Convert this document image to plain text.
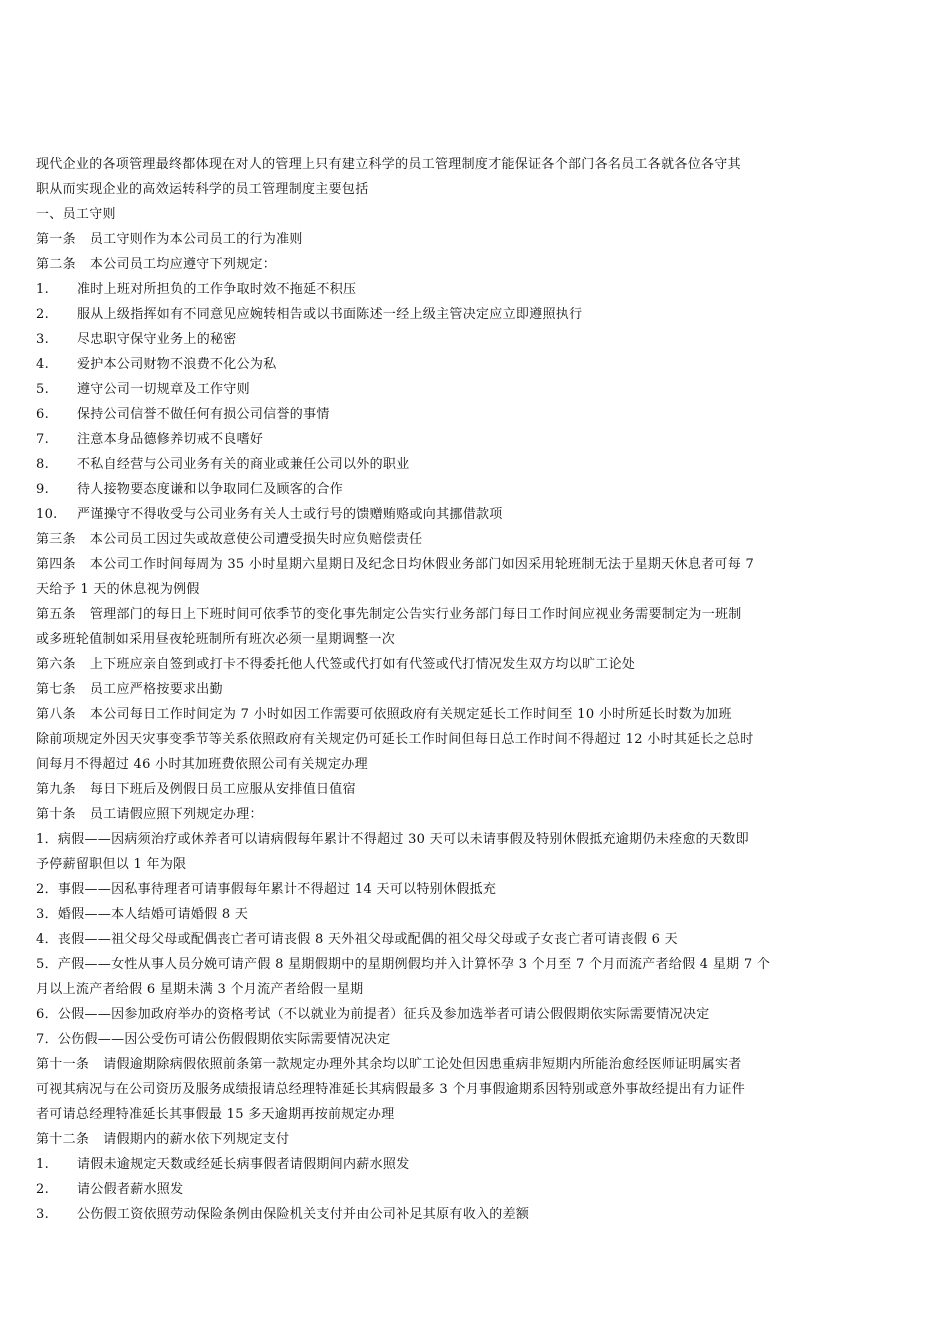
现代企业的各项管理最终都体现在对人的管理上只有建立科学的员工管理制度才能保证各个部门各名员工各就各位各守其
职从而实现企业的高效运转科学的员工管理制度主要包括
一、员工守则
第一条 员工守则作为本公司员工的行为准则
第二条 本公司员工均应遵守下列规定：
1. 准时上班对所担负的工作争取时效不拖延不积压
2. 服从上级指挥如有不同意见应婉转相告或以书面陈述一经上级主管决定应立即遵照执行
3. 尽忠职守保守业务上的秘密
4. 爱护本公司财物不浪费不化公为私
5. 遵守公司一切规章及工作守则
6. 保持公司信誉不做任何有损公司信誉的事情
7. 注意本身品德修养切戒不良嗜好
8. 不私自经营与公司业务有关的商业或兼任公司以外的职业
9. 待人接物要态度谦和以争取同仁及顾客的合作
10. 严谨操守不得收受与公司业务有关人士或行号的馈赠贿赂或向其挪借款项
第三条 本公司员工因过失或故意使公司遭受损失时应负赔偿责任
第四条 本公司工作时间每周为 35 小时星期六星期日及纪念日均休假业务部门如因采用轮班制无法于星期天休息者可每 7
天给予 1 天的休息视为例假
第五条 管理部门的每日上下班时间可依季节的变化事先制定公告实行业务部门每日工作时间应视业务需要制定为一班制
或多班轮值制如采用昼夜轮班制所有班次必须一星期调整一次
第六条 上下班应亲自签到或打卡不得委托他人代签或代打如有代签或代打情况发生双方均以旷工论处
第七条 员工应严格按要求出勤
第八条 本公司每日工作时间定为 7 小时如因工作需要可依照政府有关规定延长工作时间至 10 小时所延长时数为加班
除前项规定外因天灾事变季节等关系依照政府有关规定仍可延长工作时间但每日总工作时间不得超过 12 小时其延长之总时
间每月不得超过 46 小时其加班费依照公司有关规定办理
第九条 每日下班后及例假日员工应服从安排值日值宿
第十条 员工请假应照下列规定办理：
1．病假——因病须治疗或休养者可以请病假每年累计不得超过 30 天可以未请事假及特别休假抵充逾期仍未痊愈的天数即
予停薪留职但以 1 年为限
2．事假——因私事待理者可请事假每年累计不得超过 14 天可以特别休假抵充
3．婚假——本人结婚可请婚假 8 天
4．丧假——祖父母父母或配偶丧亡者可请丧假 8 天外祖父母或配偶的祖父母父母或子女丧亡者可请丧假 6 天
5．产假——女性从事人员分娩可请产假 8 星期假期中的星期例假均并入计算怀孕 3 个月至 7 个月而流产者给假 4 星期 7 个
月以上流产者给假 6 星期未满 3 个月流产者给假一星期
6．公假——因参加政府举办的资格考试（不以就业为前提者）征兵及参加选举者可请公假假期依实际需要情况决定
7．公伤假——因公受伤可请公伤假假期依实际需要情况决定
第十一条 请假逾期除病假依照前条第一款规定办理外其余均以旷工论处但因患重病非短期内所能治愈经医师证明属实者
可视其病况与在公司资历及服务成绩报请总经理特准延长其病假最多 3 个月事假逾期系因特别或意外事故经提出有力证件
者可请总经理特准延长其事假最 15 多天逾期再按前规定办理
第十二条 请假期内的薪水依下列规定支付
1. 请假未逾规定天数或经延长病事假者请假期间内薪水照发
2. 请公假者薪水照发
3. 公伤假工资依照劳动保险条例由保险机关支付并由公司补足其原有收入的差额
